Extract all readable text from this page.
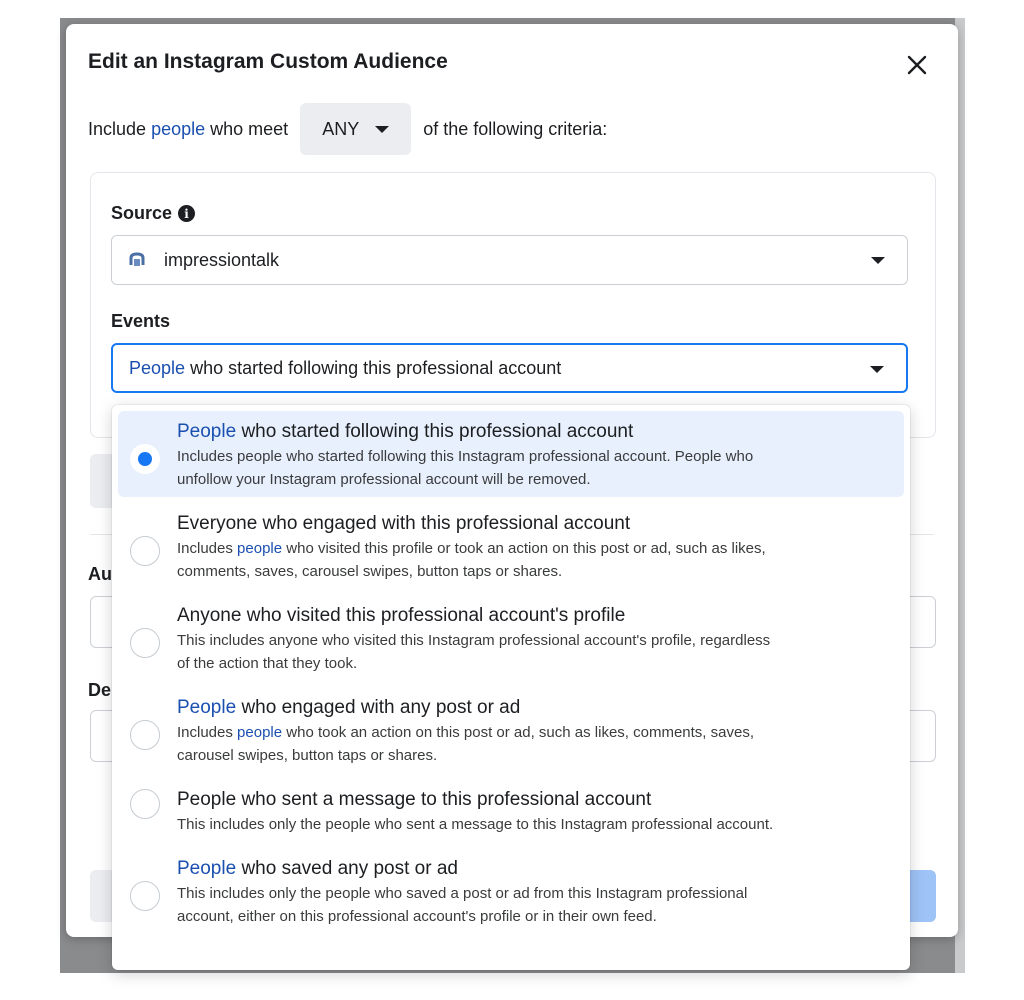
Edit an Instagram Custom Audience
Include
people
who meet ANY	of the following criteria:
Source	i
impressiontalk
Events
People
who started following this professional account
Au
De
People who started following this professional account
Includes people who started following this Instagram professional account. People who
unfollow your Instagram professional account will be removed.
Everyone who engaged with this professional account
Includes people who visited this profile or took an action on this post or ad, such as likes,
comments, saves, carousel swipes, button taps or shares.
Anyone who visited this professional account's profile
This includes anyone who visited this Instagram professional account's profile, regardless
of the action that they took.
People who engaged with any post or ad
Includes people who took an action on this post or ad, such as likes, comments, saves,
carousel swipes, button taps or shares.
People who sent a message to this professional account
This includes only the people who sent a message to this Instagram professional account.
People who saved any post or ad
This includes only the people who saved a post or ad from this Instagram professional
account, either on this professional account's profile or in their own feed.
